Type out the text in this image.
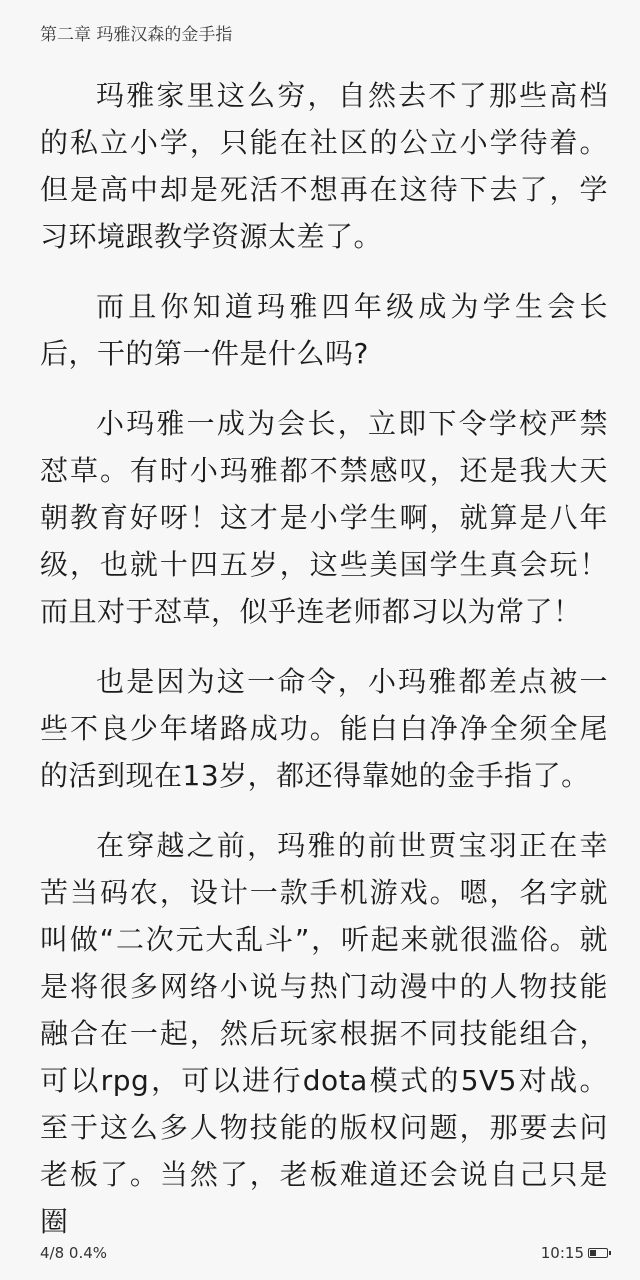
第二章 玛雅汉森的金手指

玛雅家里这么穷，自然去不了那些高档的私立小学，只能在社区的公立小学待着。但是高中却是死活不想再在这待下去了，学习环境跟教学资源太差了。

而且你知道玛雅四年级成为学生会长后，干的第一件是什么吗?

小玛雅一成为会长，立即下令学校严禁怼草。有时小玛雅都不禁感叹，还是我大天朝教育好呀！这才是小学生啊，就算是八年级，也就十四五岁，这些美国学生真会玩！而且对于怼草，似乎连老师都习以为常了！

也是因为这一命令，小玛雅都差点被一些不良少年堵路成功。能白白净净全须全尾的活到现在13岁，都还得靠她的金手指了。

在穿越之前，玛雅的前世贾宝羽正在幸苦当码农，设计一款手机游戏。嗯，名字就叫做“二次元大乱斗”，听起来就很滥俗。就是将很多网络小说与热门动漫中的人物技能融合在一起，然后玩家根据不同技能组合，可以rpg，可以进行dota模式的5V5对战。至于这么多人物技能的版权问题，那要去问老板了。当然了，老板难道还会说自己只是圈

4/8 0.4%	10:15
